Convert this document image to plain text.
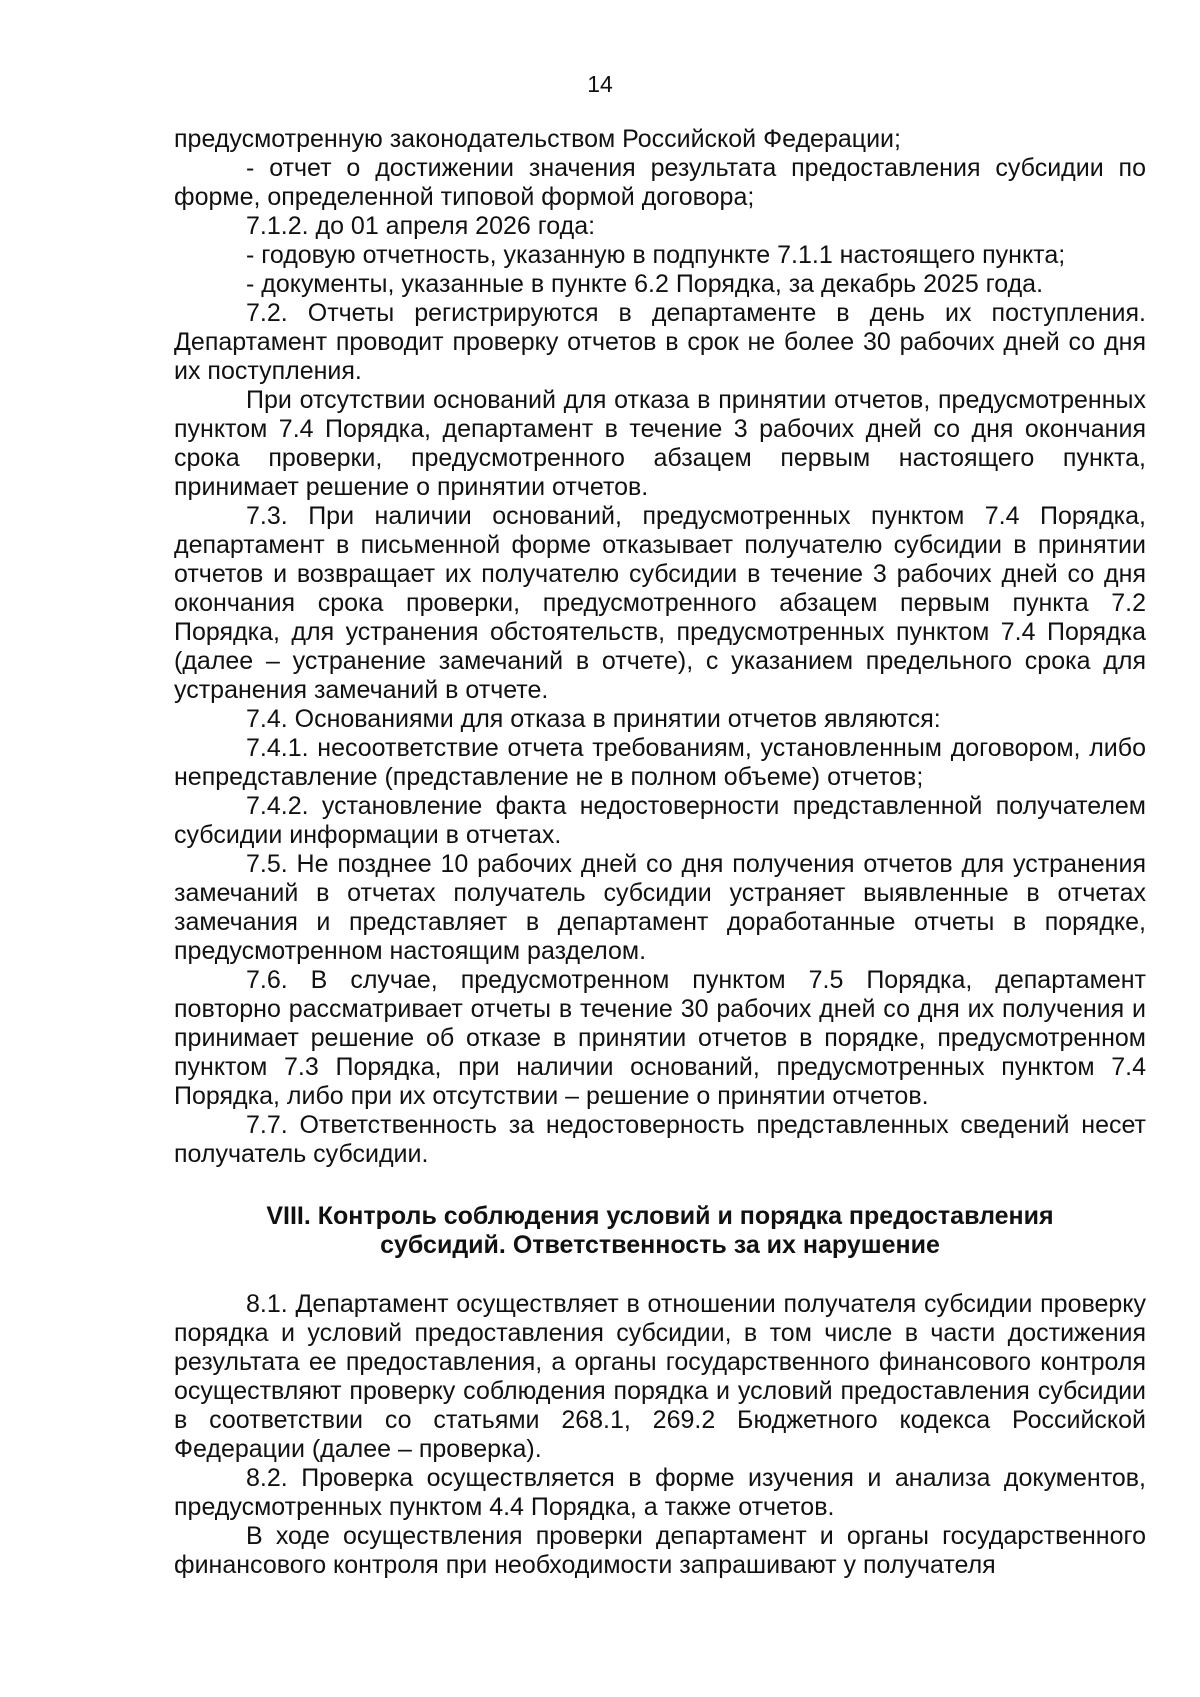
14

предусмотренную законодательством Российской Федерации;

- отчет о достижении значения результата предоставления субсидии по форме, определенной типовой формой договора;

7.1.2. до 01 апреля 2026 года:

- годовую отчетность, указанную в подпункте 7.1.1 настоящего пункта;

- документы, указанные в пункте 6.2 Порядка, за декабрь 2025 года.

7.2. Отчеты регистрируются в департаменте в день их поступления. Департамент проводит проверку отчетов в срок не более 30 рабочих дней со дня их поступления.

При отсутствии оснований для отказа в принятии отчетов, предусмотренных пунктом 7.4 Порядка, департамент в течение 3 рабочих дней со дня окончания срока проверки, предусмотренного абзацем первым настоящего пункта, принимает решение о принятии отчетов.

7.3. При наличии оснований, предусмотренных пунктом 7.4 Порядка, департамент в письменной форме отказывает получателю субсидии в принятии отчетов и возвращает их получателю субсидии в течение 3 рабочих дней со дня окончания срока проверки, предусмотренного абзацем первым пункта 7.2 Порядка, для устранения обстоятельств, предусмотренных пунктом 7.4 Порядка (далее – устранение замечаний в отчете), с указанием предельного срока для устранения замечаний в отчете.

7.4. Основаниями для отказа в принятии отчетов являются:

7.4.1. несоответствие отчета требованиям, установленным договором, либо непредставление (представление не в полном объеме) отчетов;

7.4.2. установление факта недостоверности представленной получателем субсидии информации в отчетах.

7.5. Не позднее 10 рабочих дней со дня получения отчетов для устранения замечаний в отчетах получатель субсидии устраняет выявленные в отчетах замечания и представляет в департамент доработанные отчеты в порядке, предусмотренном настоящим разделом.

7.6. В случае, предусмотренном пунктом 7.5 Порядка, департамент повторно рассматривает отчеты в течение 30 рабочих дней со дня их получения и принимает решение об отказе в принятии отчетов в порядке, предусмотренном пунктом 7.3 Порядка, при наличии оснований, предусмотренных пунктом 7.4 Порядка, либо при их отсутствии – решение о принятии отчетов.

7.7. Ответственность за недостоверность представленных сведений несет получатель субсидии.

VIII. Контроль соблюдения условий и порядка предоставления
субсидий. Ответственность за их нарушение

8.1. Департамент осуществляет в отношении получателя субсидии проверку порядка и условий предоставления субсидии, в том числе в части достижения результата ее предоставления, а органы государственного финансового контроля осуществляют проверку соблюдения порядка и условий предоставления субсидии в соответствии со статьями 268.1, 269.2 Бюджетного кодекса Российской Федерации (далее – проверка).

8.2. Проверка осуществляется в форме изучения и анализа документов, предусмотренных пунктом 4.4 Порядка, а также отчетов.

В ходе осуществления проверки департамент и органы государственного финансового контроля при необходимости запрашивают у получателя
